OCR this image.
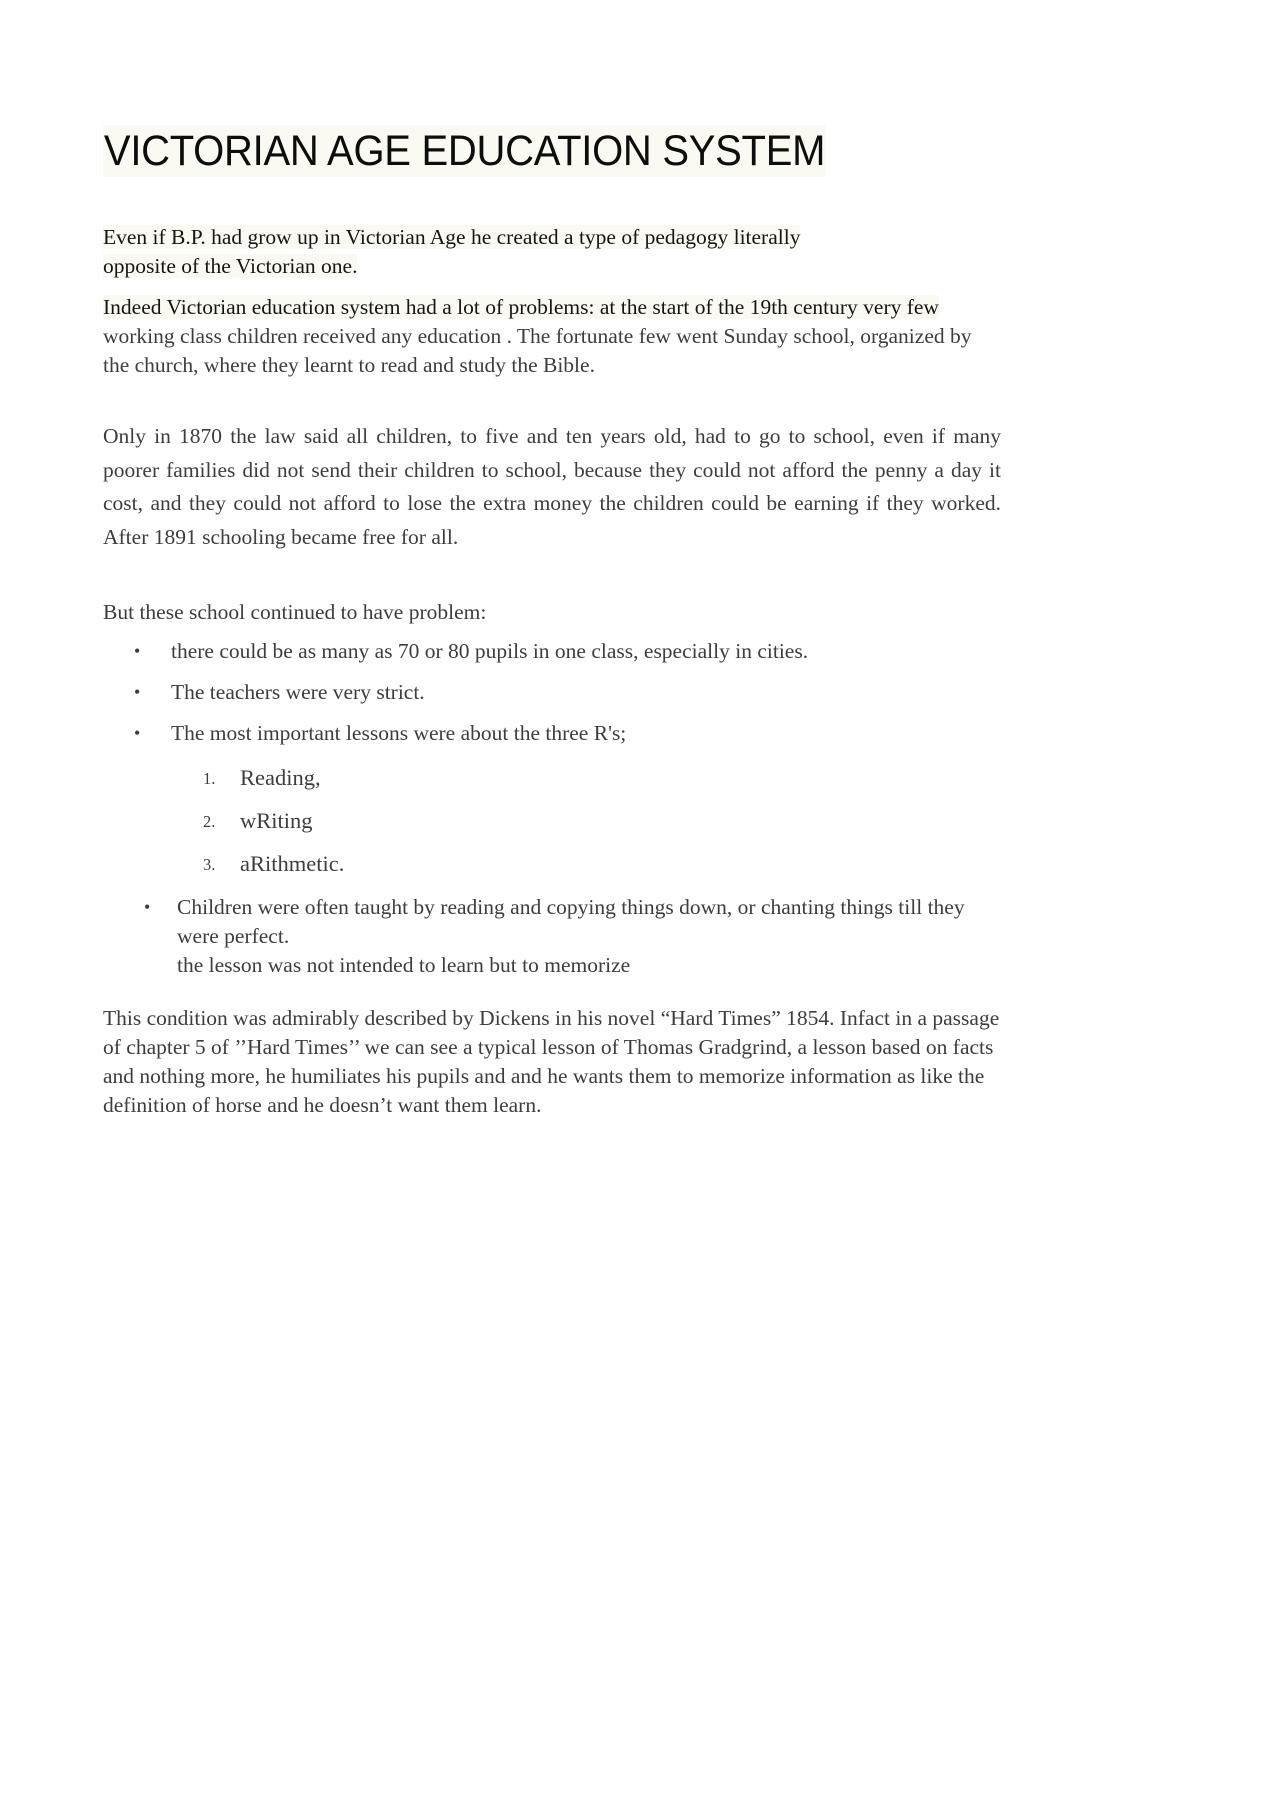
VICTORIAN AGE EDUCATION SYSTEM

Even if B.P. had grow up in Victorian Age he created a type of pedagogy literally
opposite of the Victorian one.

Indeed Victorian education system had a lot of problems: at the start of the 19th century very few working class children received any education . The fortunate few went Sunday school, organized by the church, where they learnt to read and study the Bible.

Only in 1870 the law said all children, to five and ten years old, had to go to school, even if many poorer families did not send their children to school, because they could not afford the penny a day it cost, and they could not afford to lose the extra money the children could be earning if they worked. After 1891 schooling became free for all.

But these school continued to have problem:

• there could be as many as 70 or 80 pupils in one class, especially in cities.
• The teachers were very strict.
• The most important lessons were about the three R's;
1. Reading,
2. wRiting
3. aRithmetic.
• Children were often taught by reading and copying things down, or chanting things till they were perfect.
the lesson was not intended to learn but to memorize

This condition was admirably described by Dickens in his novel “Hard Times” 1854. Infact in a passage of chapter 5 of ’’Hard Times’’ we can see a typical lesson of Thomas Gradgrind, a lesson based on facts and nothing more, he humiliates his pupils and and he wants them to memorize information as like the definition of horse and he doesn’t want them learn.
